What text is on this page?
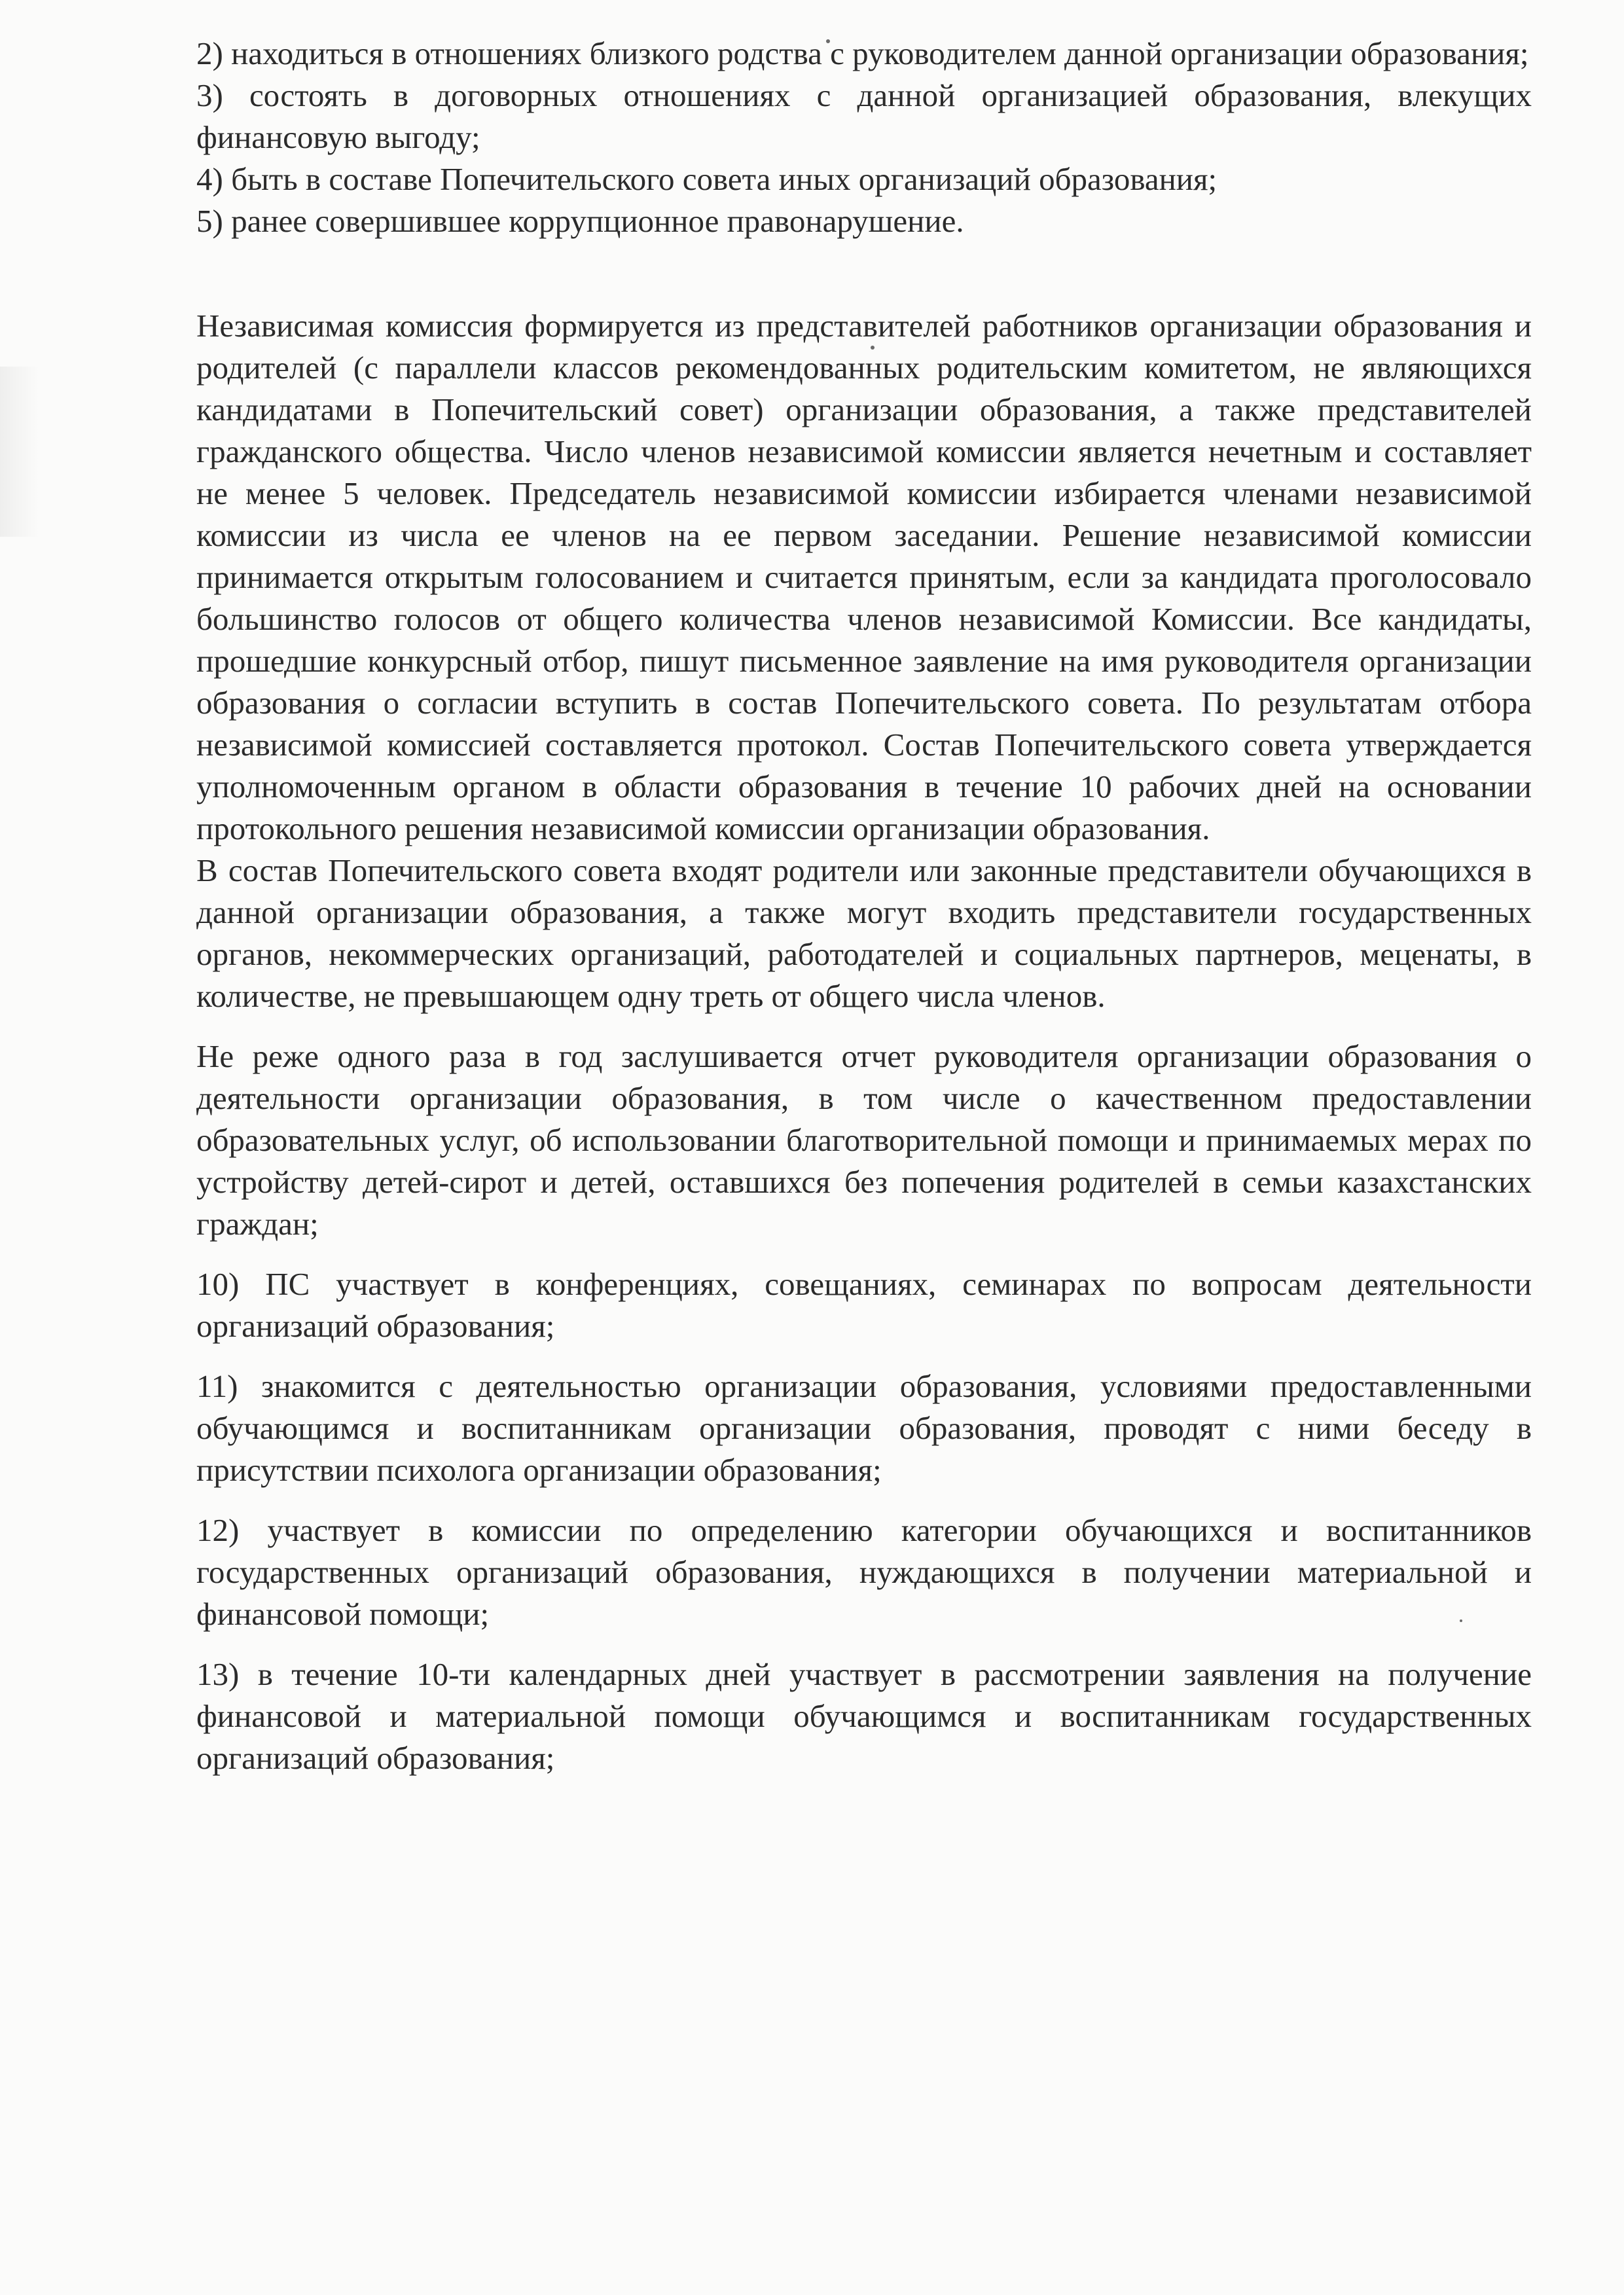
2) находиться в отношениях близкого родства с руководителем данной организации образования;

3) состоять в договорных отношениях с данной организацией образования, влекущих финансовую выгоду;

4) быть в составе Попечительского совета иных организаций образования;

5) ранее совершившее коррупционное правонарушение.

Независимая комиссия формируется из представителей работников организации образования и родителей (с параллели классов рекомендованных родительским комитетом, не являющихся кандидатами в Попечительский совет) организации образования, а также представителей гражданского общества. Число членов независимой комиссии является нечетным и составляет не менее 5 человек. Председатель независимой комиссии избирается членами независимой комиссии из числа ее членов на ее первом заседании. Решение независимой комиссии принимается открытым голосованием и считается принятым, если за кандидата проголосовало большинство голосов от общего количества членов независимой Комиссии. Все кандидаты, прошедшие конкурсный отбор, пишут письменное заявление на имя руководителя организации образования о согласии вступить в состав Попечительского совета. По результатам отбора независимой комиссией составляется протокол. Состав Попечительского совета утверждается уполномоченным органом в области образования в течение 10 рабочих дней на основании протокольного решения независимой комиссии организации образования.

В состав Попечительского совета входят родители или законные представители обучающихся в данной организации образования, а также могут входить представители государственных органов, некоммерческих организаций, работодателей и социальных партнеров, меценаты, в количестве, не превышающем одну треть от общего числа членов.

Не реже одного раза в год заслушивается отчет руководителя организации образования о деятельности организации образования, в том числе о качественном предоставлении образовательных услуг, об использовании благотворительной помощи и принимаемых мерах по устройству детей-сирот и детей, оставшихся без попечения родителей в семьи казахстанских граждан;

10) ПС участвует в конференциях, совещаниях, семинарах по вопросам деятельности организаций образования;

11) знакомится с деятельностью организации образования, условиями предоставленными обучающимся и воспитанникам организации образования, проводят с ними беседу в присутствии психолога организации образования;

12) участвует в комиссии по определению категории обучающихся и воспитанников государственных организаций образования, нуждающихся в получении материальной и финансовой помощи;

13) в течение 10-ти календарных дней участвует в рассмотрении заявления на получение финансовой и материальной помощи обучающимся и воспитанникам государственных организаций образования;
